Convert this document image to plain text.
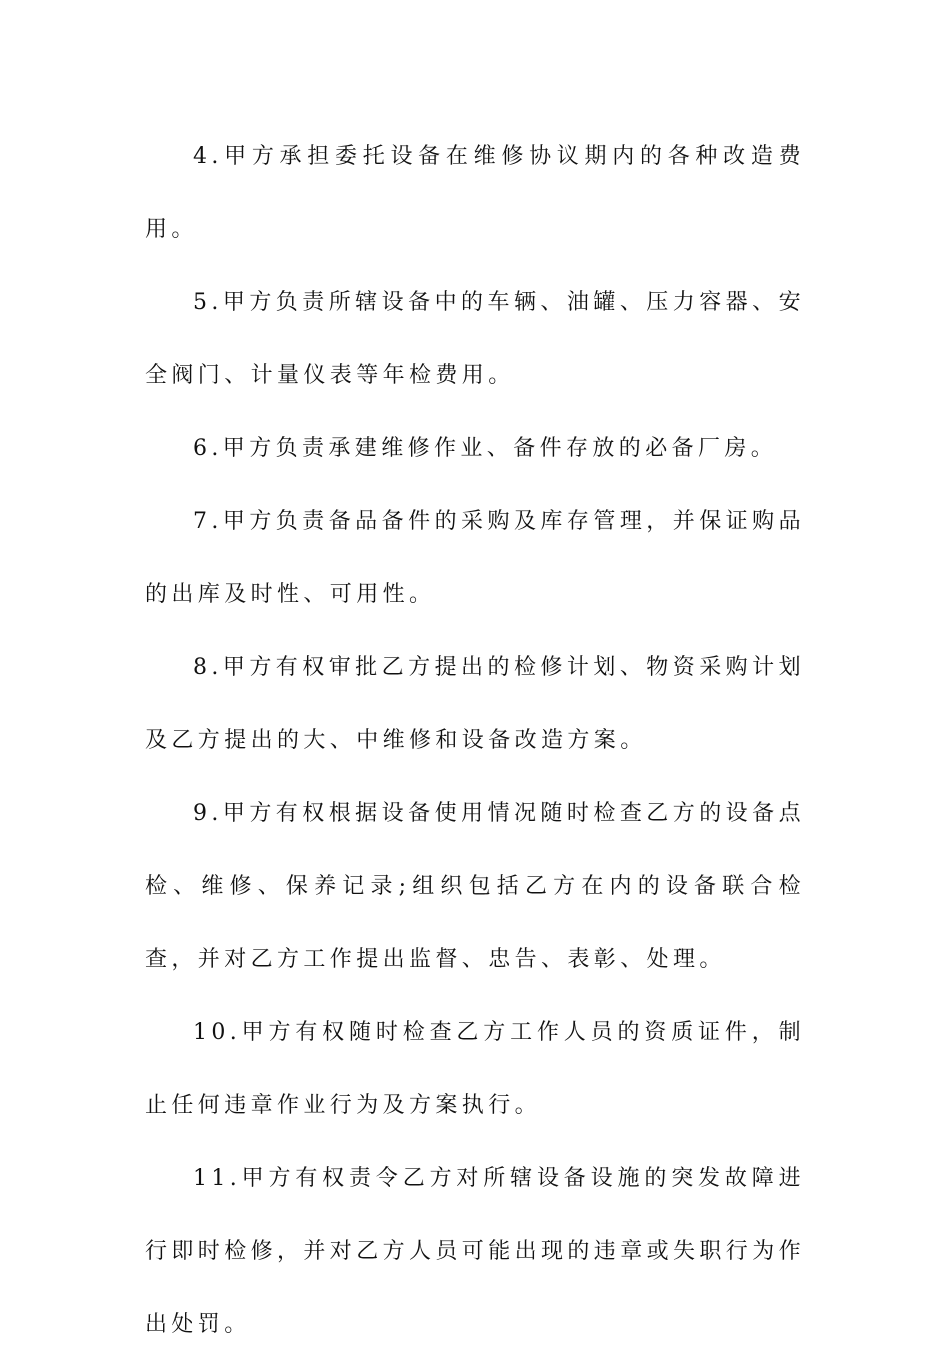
4.甲方承担委托设备在维修协议期内的各种改造费用。

5.甲方负责所辖设备中的车辆、油罐、压力容器、安全阀门、计量仪表等年检费用。

6.甲方负责承建维修作业、备件存放的必备厂房。

7.甲方负责备品备件的采购及库存管理，并保证购品的出库及时性、可用性。

8.甲方有权审批乙方提出的检修计划、物资采购计划及乙方提出的大、中维修和设备改造方案。

9.甲方有权根据设备使用情况随时检查乙方的设备点检、维修、保养记录;组织包括乙方在内的设备联合检查，并对乙方工作提出监督、忠告、表彰、处理。

10.甲方有权随时检查乙方工作人员的资质证件，制止任何违章作业行为及方案执行。

11.甲方有权责令乙方对所辖设备设施的突发故障进行即时检修，并对乙方人员可能出现的违章或失职行为作出处罚。
